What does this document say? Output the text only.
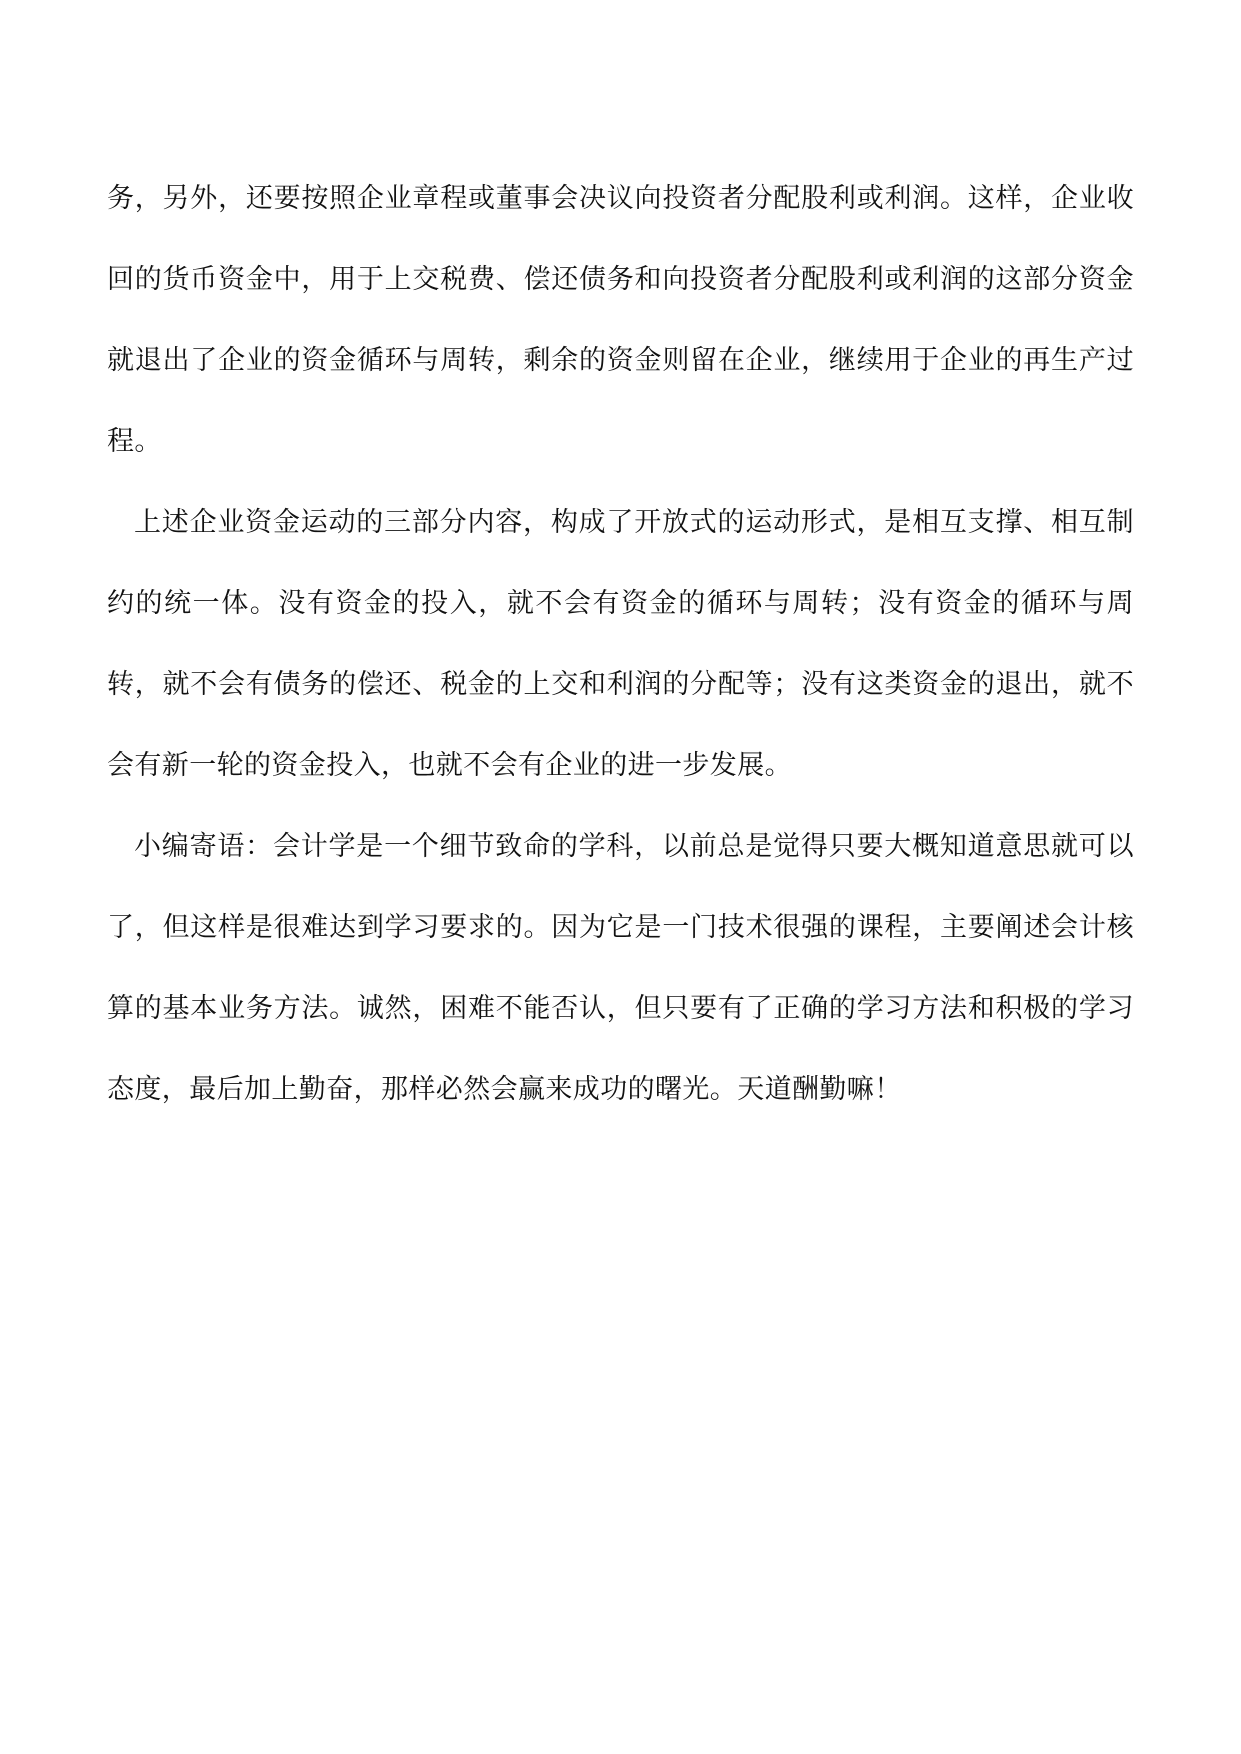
务，另外，还要按照企业章程或董事会决议向投资者分配股利或利润。这样，企业收回的货币资金中，用于上交税费、偿还债务和向投资者分配股利或利润的这部分资金就退出了企业的资金循环与周转，剩余的资金则留在企业，继续用于企业的再生产过程。

上述企业资金运动的三部分内容，构成了开放式的运动形式，是相互支撑、相互制约的统一体。没有资金的投入，就不会有资金的循环与周转；没有资金的循环与周转，就不会有债务的偿还、税金的上交和利润的分配等；没有这类资金的退出，就不会有新一轮的资金投入，也就不会有企业的进一步发展。

小编寄语：会计学是一个细节致命的学科，以前总是觉得只要大概知道意思就可以了，但这样是很难达到学习要求的。因为它是一门技术很强的课程，主要阐述会计核算的基本业务方法。诚然，困难不能否认，但只要有了正确的学习方法和积极的学习态度，最后加上勤奋，那样必然会赢来成功的曙光。天道酬勤嘛！
